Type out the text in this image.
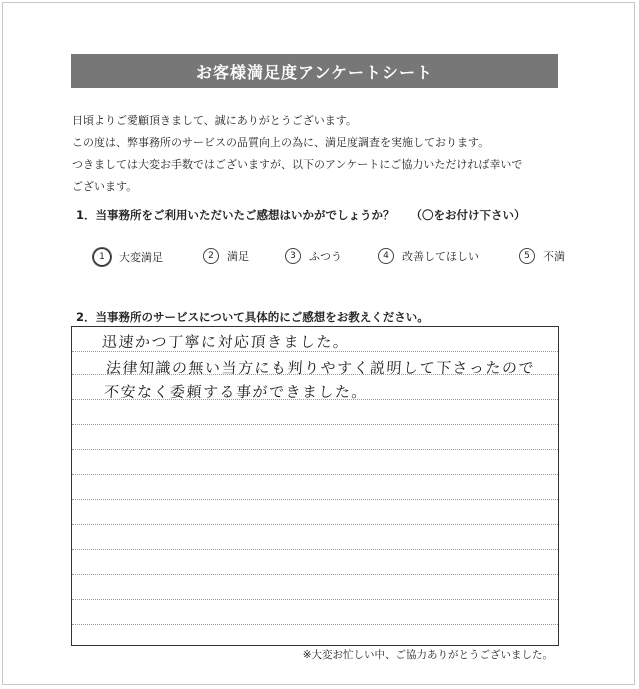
お客様満足度アンケートシート
日頃よりご愛顧頂きまして、誠にありがとうございます。
この度は、弊事務所のサービスの品質向上の為に、満足度調査を実施しております。
つきましては大変お手数ではございますが、以下のアンケートにご協力いただければ幸いで
ございます。
1．当事務所をご利用いただいたご感想はいかがでしょうか？ （〇をお付け下さい）
1	大変満足	2	満足	3	ふつう	4	改善してほしい	5	不満
2．当事務所のサービスについて具体的にご感想をお教えください。
迅速かつ丁寧に対応頂きました。
法律知識の無い当方にも判りやすく説明して下さったので
不安なく委頼する事ができました。
※大変お忙しい中、ご協力ありがとうございました。
